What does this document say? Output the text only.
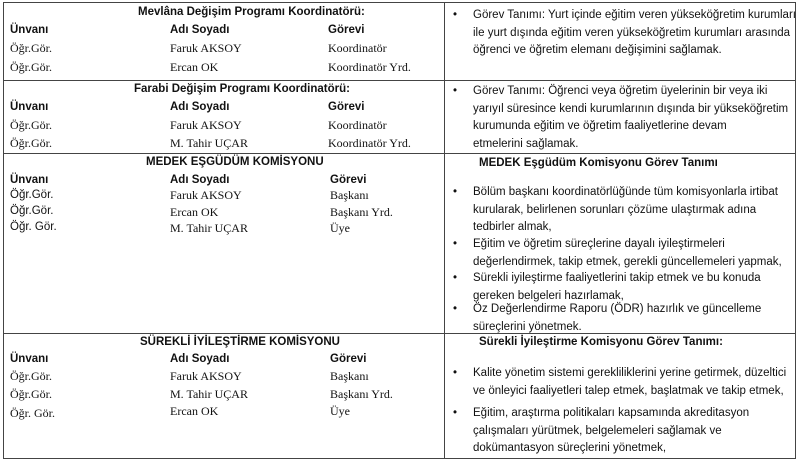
Mevlâna Değişim Programı Koordinatörü:
Ünvanı	Adı Soyadı	Görevi
Öğr.Gör.	Faruk AKSOY	Koordinatör
Öğr.Gör.	Ercan OK	Koordinatör Yrd.
•	Görev Tanımı: Yurt içinde eğitim veren yükseköğretim kurumları
ile yurt dışında eğitim veren yükseköğretim kurumları arasında
öğrenci ve öğretim elemanı değişimini sağlamak.
Farabi Değişim Programı Koordinatörü:
Ünvanı	Adı Soyadı	Görevi
Öğr.Gör.	Faruk AKSOY	Koordinatör
Öğr.Gör.	M. Tahir UÇAR	Koordinatör Yrd.
•	Görev Tanımı: Öğrenci veya öğretim üyelerinin bir veya iki
yarıyıl süresince kendi kurumlarının dışında bir yükseköğretim
kurumunda eğitim ve öğretim faaliyetlerine devam
etmelerini sağlamak.
MEDEK EŞGÜDÜM KOMİSYONU
Ünvanı	Adı Soyadı	Görevi
Öğr.Gör.	Faruk AKSOY	Başkanı
Öğr.Gör.	Ercan OK	Başkanı Yrd.
Öğr. Gör.	M. Tahir UÇAR	Üye
MEDEK Eşgüdüm Komisyonu Görev Tanımı
•	Bölüm başkanı koordinatörlüğünde tüm komisyonlarla irtibat
kurularak, belirlenen sorunları çözüme ulaştırmak adına
tedbirler almak,
•	Eğitim ve öğretim süreçlerine dayalı iyileştirmeleri
değerlendirmek, takip etmek, gerekli güncellemeleri yapmak,
•	Sürekli iyileştirme faaliyetlerini takip etmek ve bu konuda
gereken belgeleri hazırlamak,
•	Öz Değerlendirme Raporu (ÖDR) hazırlık ve güncelleme
süreçlerini yönetmek.
SÜREKLİ İYİLEŞTİRME KOMİSYONU
Ünvanı	Adı Soyadı	Görevi
Öğr.Gör.	Faruk AKSOY	Başkanı
Öğr.Gör.	M. Tahir UÇAR	Başkanı Yrd.
Öğr. Gör.	Ercan OK	Üye
Sürekli İyileştirme Komisyonu Görev Tanımı:
•	Kalite yönetim sistemi gerekliliklerini yerine getirmek, düzeltici
ve önleyici faaliyetleri talep etmek, başlatmak ve takip etmek,
•	Eğitim, araştırma politikaları kapsamında akreditasyon
çalışmaları yürütmek, belgelemeleri sağlamak ve
dokümantasyon süreçlerini yönetmek,
